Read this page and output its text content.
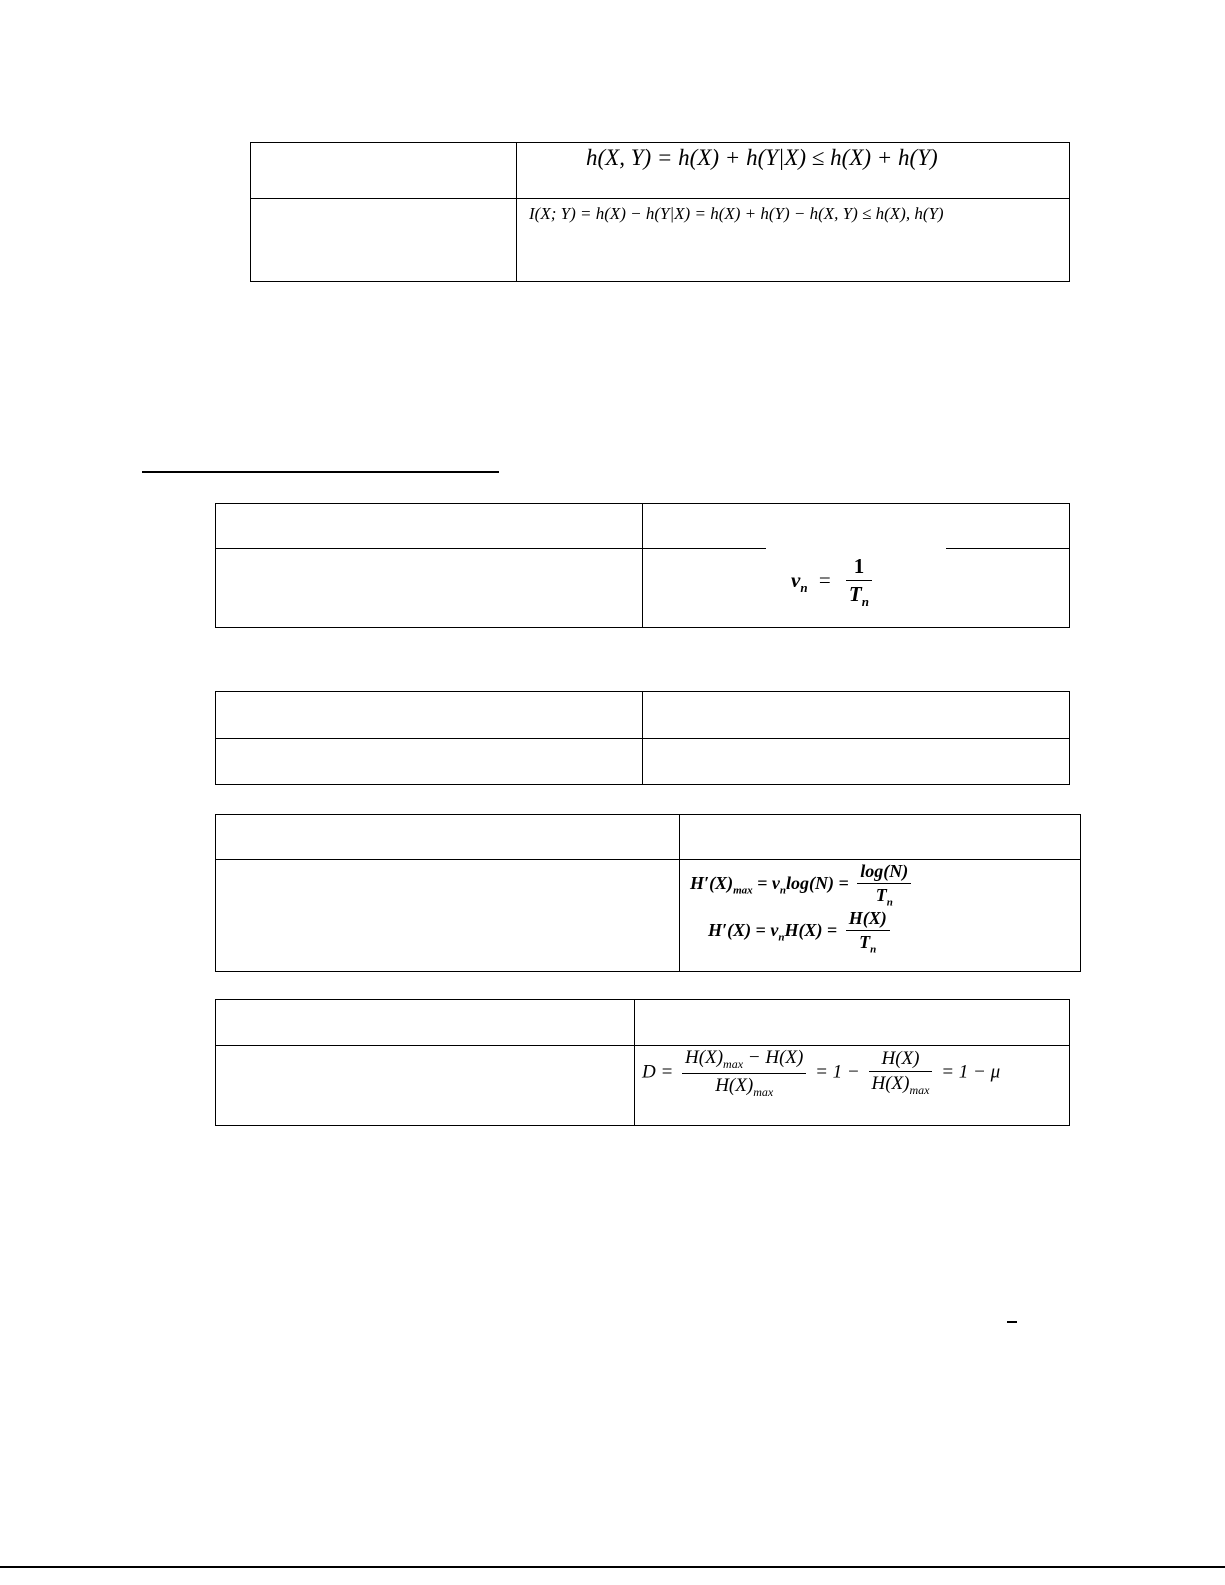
h(X, Y) = h(X) + h(Y|X) ≤ h(X) + h(Y)
I(X; Y) = h(X) − h(Y|X) = h(X) + h(Y) − h(X, Y) ≤ h(X), h(Y)
$v_n = \frac{1}{T_n}$
$H'(X)_{max} = v_n\log(N) = \frac{\log(N)}{T_n}$
$H'(X) = v_nH(X) = \frac{H(X)}{T_n}$
$D = \frac{H(X)_{max} - H(X)}{H(X)_{max}} = 1 - \frac{H(X)}{H(X)_{max}} = 1 - \mu$
